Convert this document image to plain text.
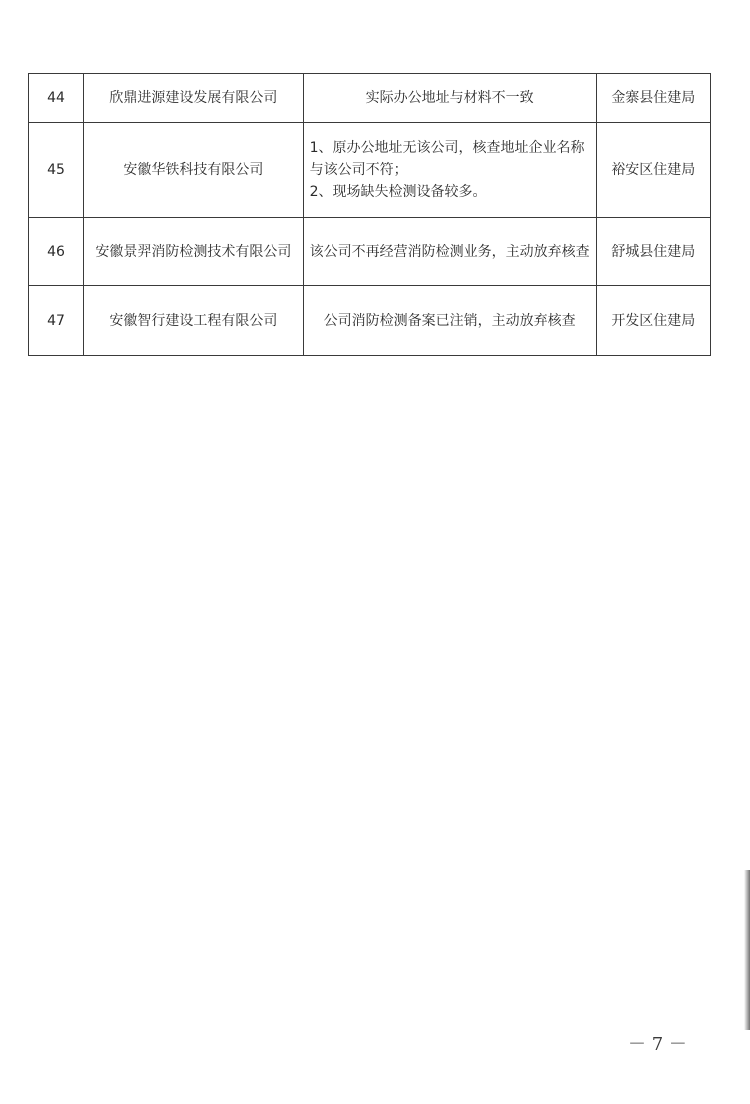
44	欣鼎进源建设发展有限公司	实际办公地址与材料不一致	金寨县住建局
45	安徽华铁科技有限公司	1、原办公地址无该公司，核查地址企业名称与该公司不符；
2、现场缺失检测设备较多。	裕安区住建局
46	安徽景羿消防检测技术有限公司	该公司不再经营消防检测业务，主动放弃核查	舒城县住建局
47	安徽智行建设工程有限公司	公司消防检测备案已注销，主动放弃核查	开发区住建局
－ 7 －
